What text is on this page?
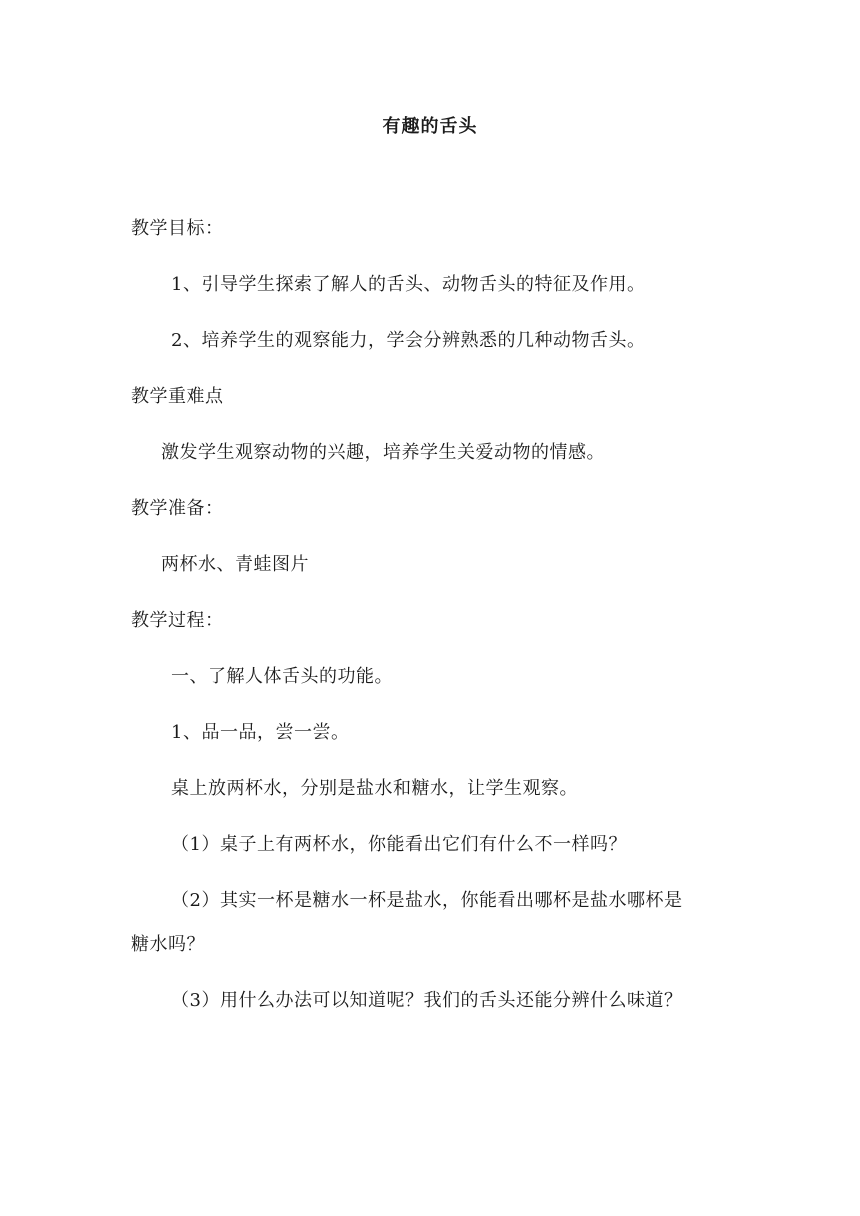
有趣的舌头
教学目标：
1、引导学生探索了解人的舌头、动物舌头的特征及作用。
2、培养学生的观察能力，学会分辨熟悉的几种动物舌头。
教学重难点
激发学生观察动物的兴趣，培养学生关爱动物的情感。
教学准备：
两杯水、青蛙图片
教学过程：
一、了解人体舌头的功能。
1、品一品，尝一尝。
桌上放两杯水，分别是盐水和糖水，让学生观察。
（1）桌子上有两杯水，你能看出它们有什么不一样吗？
（2）其实一杯是糖水一杯是盐水，你能看出哪杯是盐水哪杯是
糖水吗？
（3）用什么办法可以知道呢？我们的舌头还能分辨什么味道？
